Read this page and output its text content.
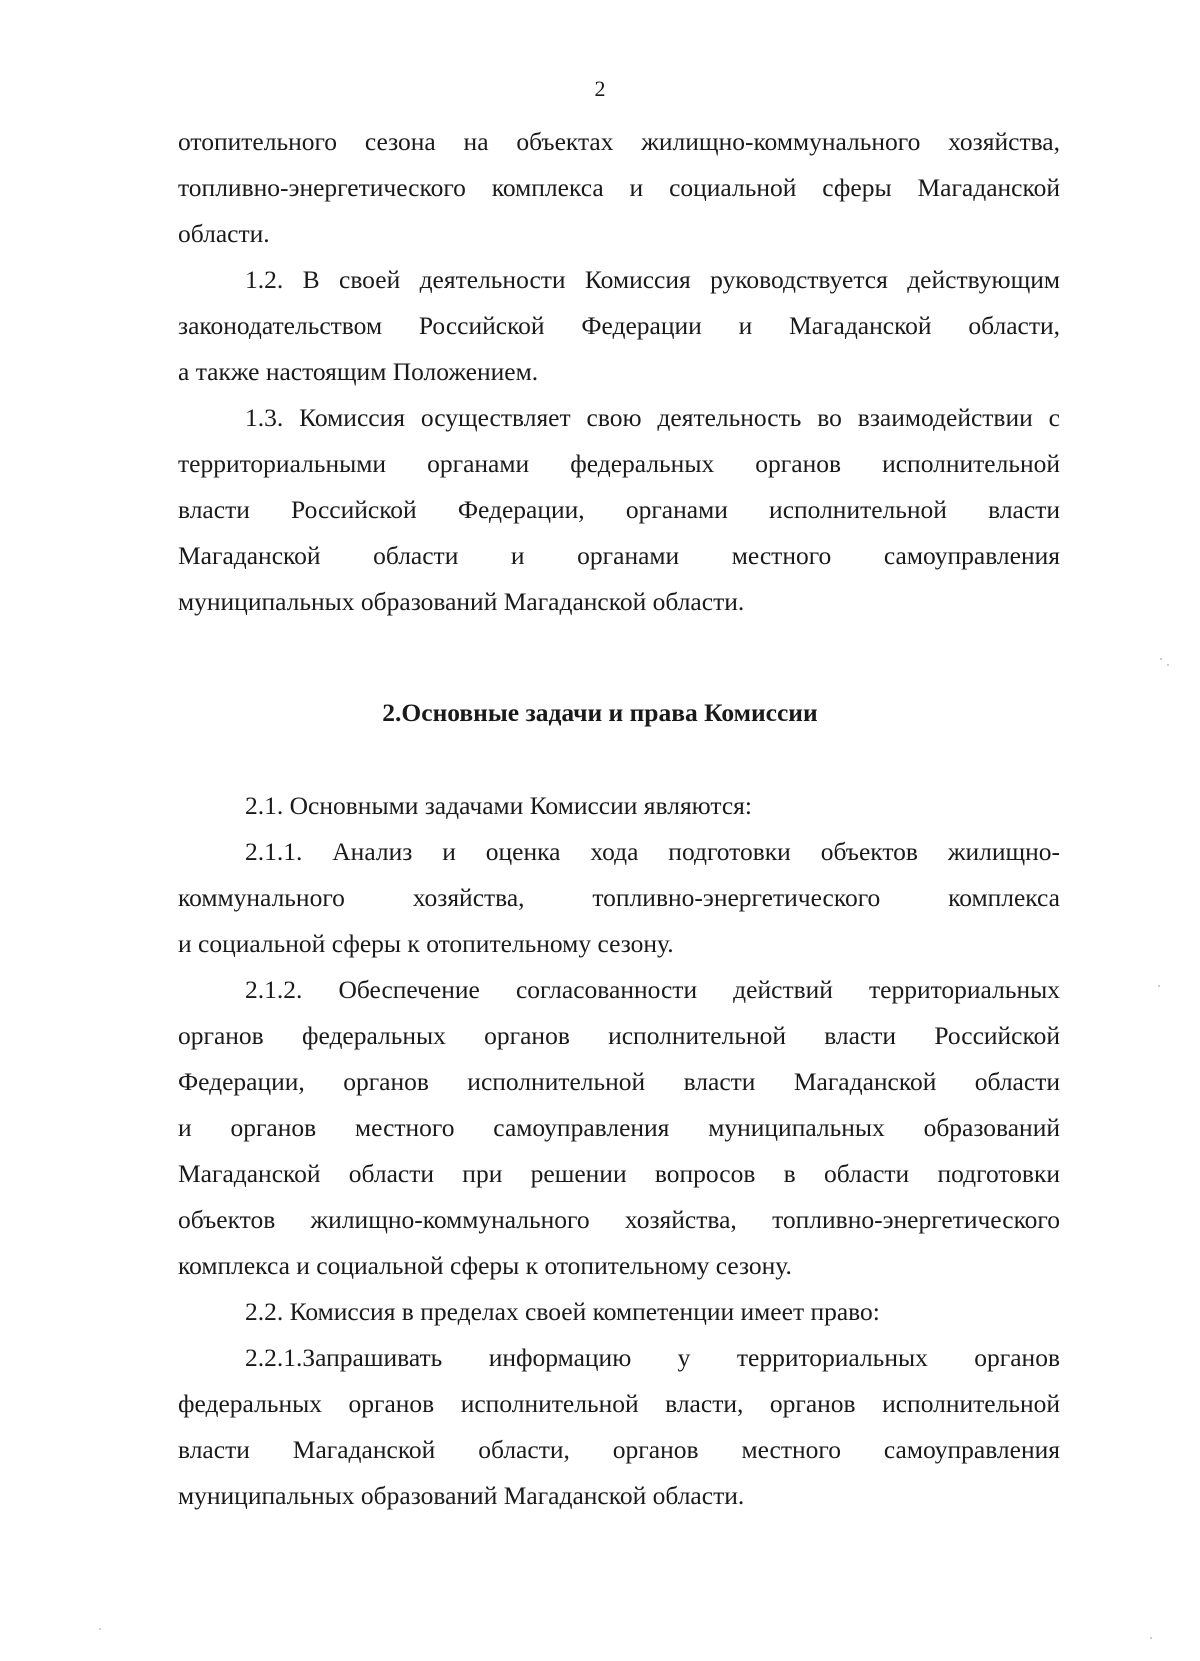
2
отопительного сезона на объектах жилищно-коммунального хозяйства,
топливно-энергетического комплекса и социальной сферы Магаданской
области.
1.2. В своей деятельности Комиссия руководствуется действующим
законодательством Российской Федерации и Магаданской области,
а также настоящим Положением.
1.3. Комиссия осуществляет свою деятельность во взаимодействии с
территориальными органами федеральных органов исполнительной
власти Российской Федерации, органами исполнительной власти
Магаданской области и органами местного самоуправления
муниципальных образований Магаданской области.
2.Основные задачи и права Комиссии
2.1. Основными задачами Комиссии являются:
2.1.1. Анализ и оценка хода подготовки объектов жилищно-
коммунального хозяйства, топливно-энергетического комплекса
и социальной сферы к отопительному сезону.
2.1.2. Обеспечение согласованности действий территориальных
органов федеральных органов исполнительной власти Российской
Федерации, органов исполнительной власти Магаданской области
и органов местного самоуправления муниципальных образований
Магаданской области при решении вопросов в области подготовки
объектов жилищно-коммунального хозяйства, топливно-энергетического
комплекса и социальной сферы к отопительному сезону.
2.2. Комиссия в пределах своей компетенции имеет право:
2.2.1.Запрашивать информацию у территориальных органов
федеральных органов исполнительной власти, органов исполнительной
власти Магаданской области, органов местного самоуправления
муниципальных образований Магаданской области.
